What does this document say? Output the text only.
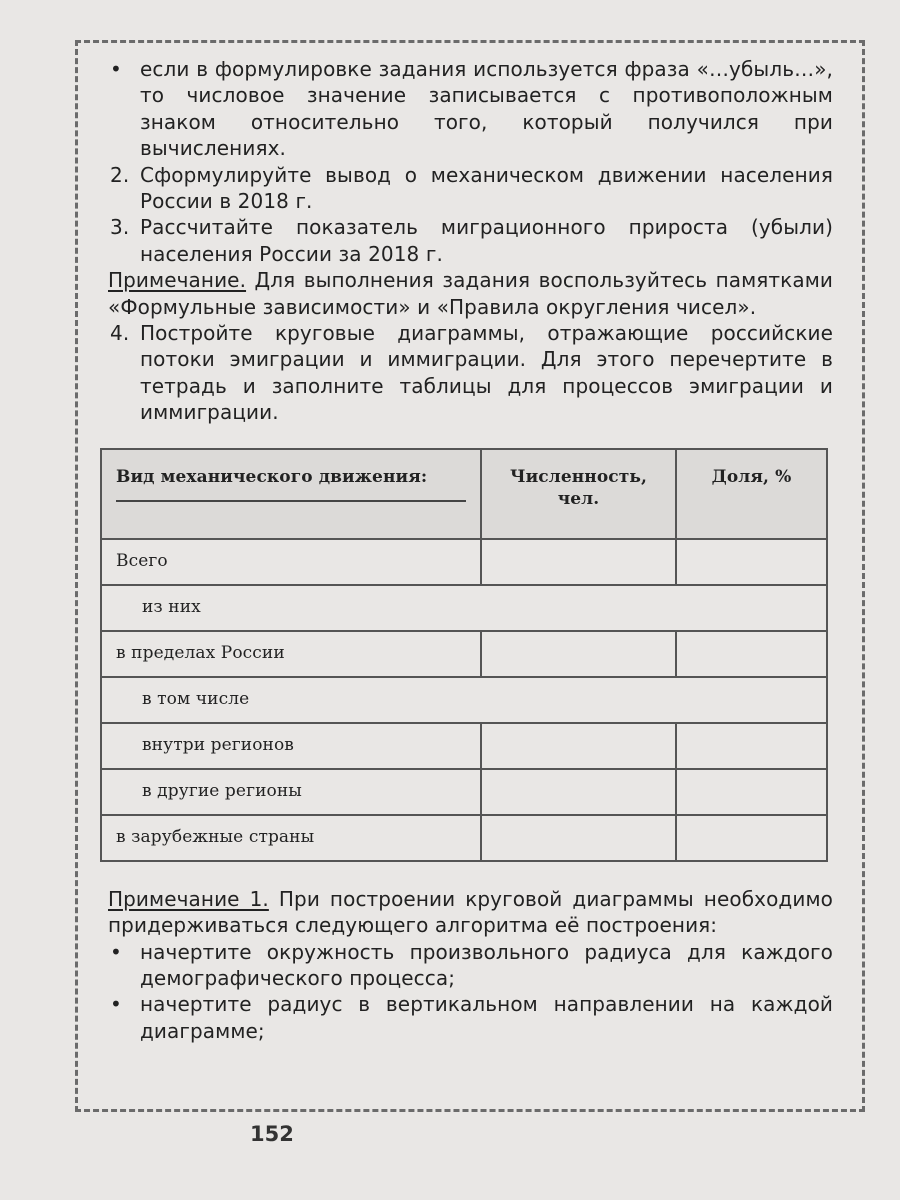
• если в формулировке задания используется фраза «…убыль…», то числовое значение записывается с противоположным знаком относительно того, который получился при вычислениях.

2. Сформулируйте вывод о механическом движении населения России в 2018 г.

3. Рассчитайте показатель миграционного прироста (убыли) населения России за 2018 г.

Примечание. Для выполнения задания воспользуйтесь памятками «Формульные зависимости» и «Правила округления чисел».

4. Постройте круговые диаграммы, отражающие российские потоки эмиграции и иммиграции. Для этого перечертите в тетрадь и заполните таблицы для процессов эмиграции и иммиграции.

Вид механического движения:	Численность, чел.	Доля, %
Всего		
из них		
в пределах России		
в том числе		
внутри регионов		
в другие регионы		
в зарубежные страны		

Примечание 1. При построении круговой диаграммы необходимо придерживаться следующего алгоритма её построения:

• начертите окружность произвольного радиуса для каждого демографического процесса;

• начертите радиус в вертикальном направлении на каждой диаграмме;

152
